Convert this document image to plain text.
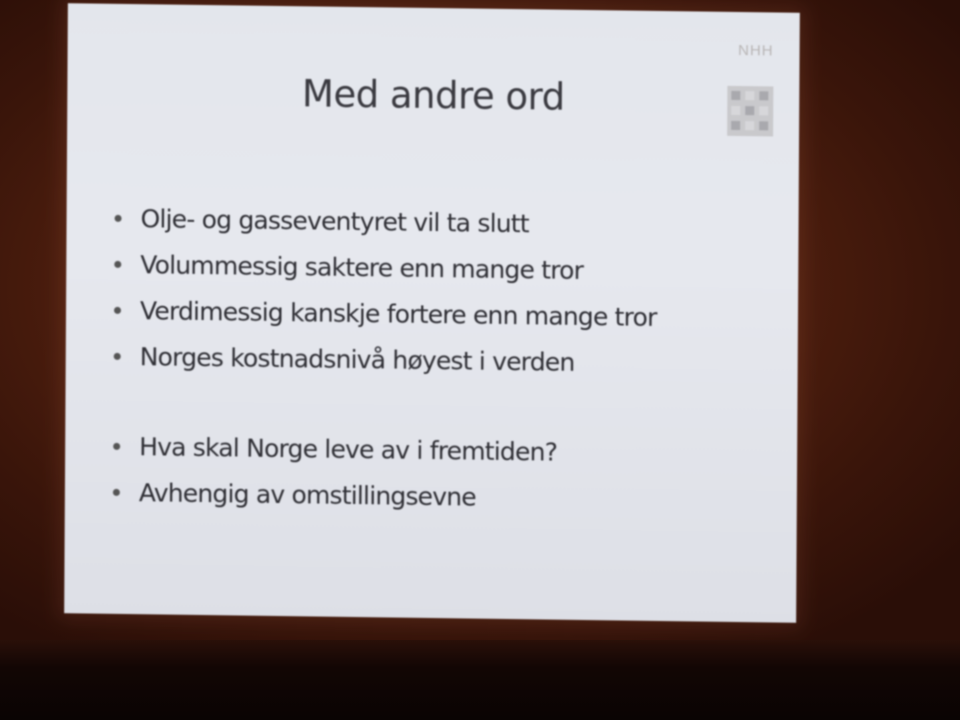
NHH
Med andre ord
Olje- og gasseventyret vil ta slutt
Volummessig saktere enn mange tror
Verdimessig kanskje fortere enn mange tror
Norges kostnadsnivå høyest i verden
Hva skal Norge leve av i fremtiden?
Avhengig av omstillingsevne
